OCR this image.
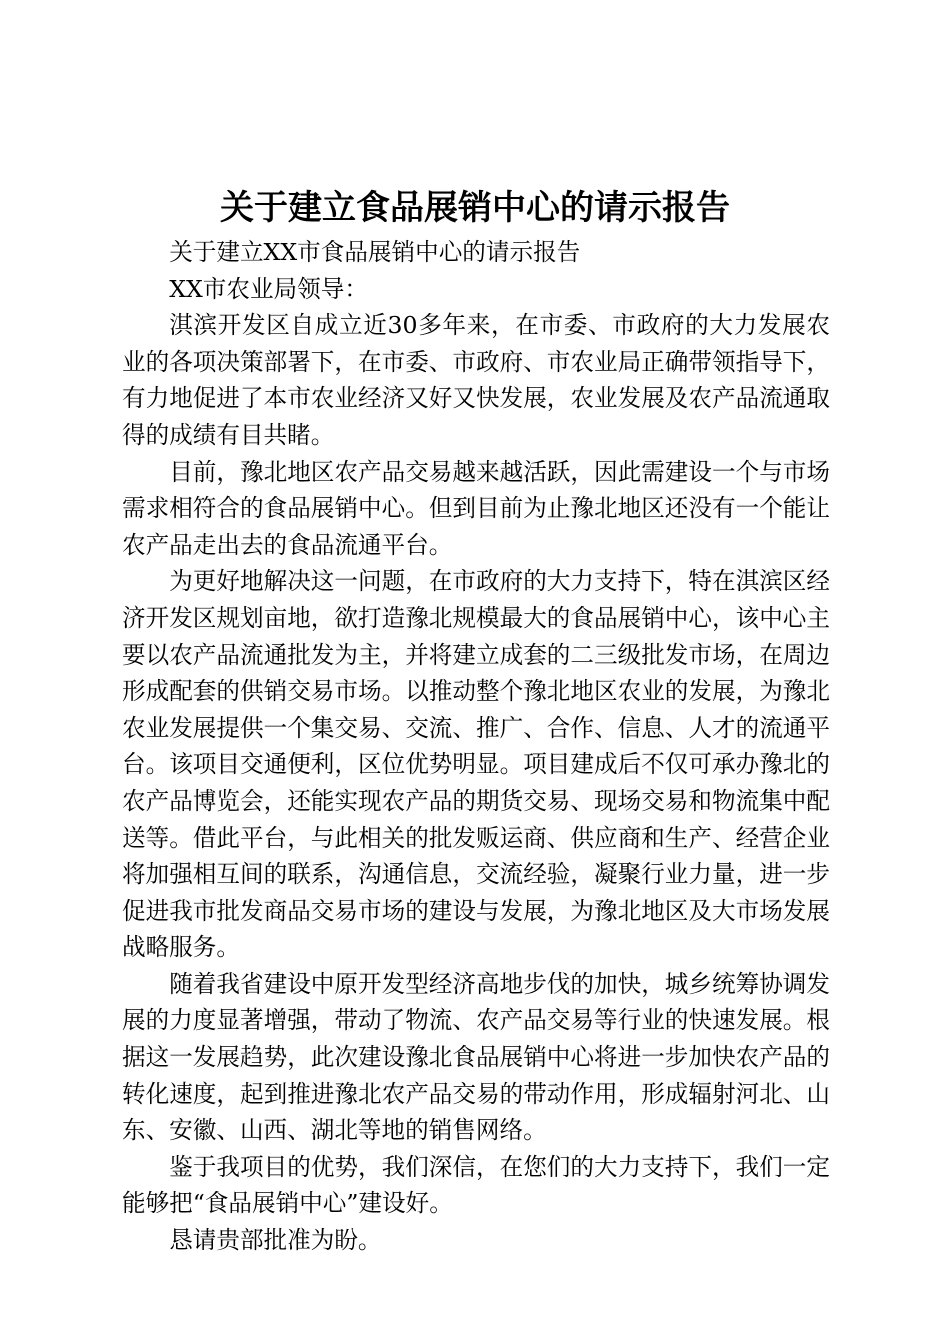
关于建立食品展销中心的请示报告

关于建立XX市食品展销中心的请示报告

XX市农业局领导：

淇滨开发区自成立近30多年来，在市委、市政府的大力发展农业的各项决策部署下，在市委、市政府、市农业局正确带领指导下，有力地促进了本市农业经济又好又快发展，农业发展及农产品流通取得的成绩有目共睹。

目前，豫北地区农产品交易越来越活跃，因此需建设一个与市场需求相符合的食品展销中心。但到目前为止豫北地区还没有一个能让农产品走出去的食品流通平台。

为更好地解决这一问题，在市政府的大力支持下，特在淇滨区经济开发区规划亩地，欲打造豫北规模最大的食品展销中心，该中心主要以农产品流通批发为主，并将建立成套的二三级批发市场，在周边形成配套的供销交易市场。以推动整个豫北地区农业的发展，为豫北农业发展提供一个集交易、交流、推广、合作、信息、人才的流通平台。该项目交通便利，区位优势明显。项目建成后不仅可承办豫北的农产品博览会，还能实现农产品的期货交易、现场交易和物流集中配送等。借此平台，与此相关的批发贩运商、供应商和生产、经营企业将加强相互间的联系，沟通信息，交流经验，凝聚行业力量，进一步促进我市批发商品交易市场的建设与发展，为豫北地区及大市场发展战略服务。

随着我省建设中原开发型经济高地步伐的加快，城乡统筹协调发展的力度显著增强，带动了物流、农产品交易等行业的快速发展。根据这一发展趋势，此次建设豫北食品展销中心将进一步加快农产品的转化速度，起到推进豫北农产品交易的带动作用，形成辐射河北、山东、安徽、山西、湖北等地的销售网络。

鉴于我项目的优势，我们深信，在您们的大力支持下，我们一定能够把“食品展销中心”建设好。

恳请贵部批准为盼。
